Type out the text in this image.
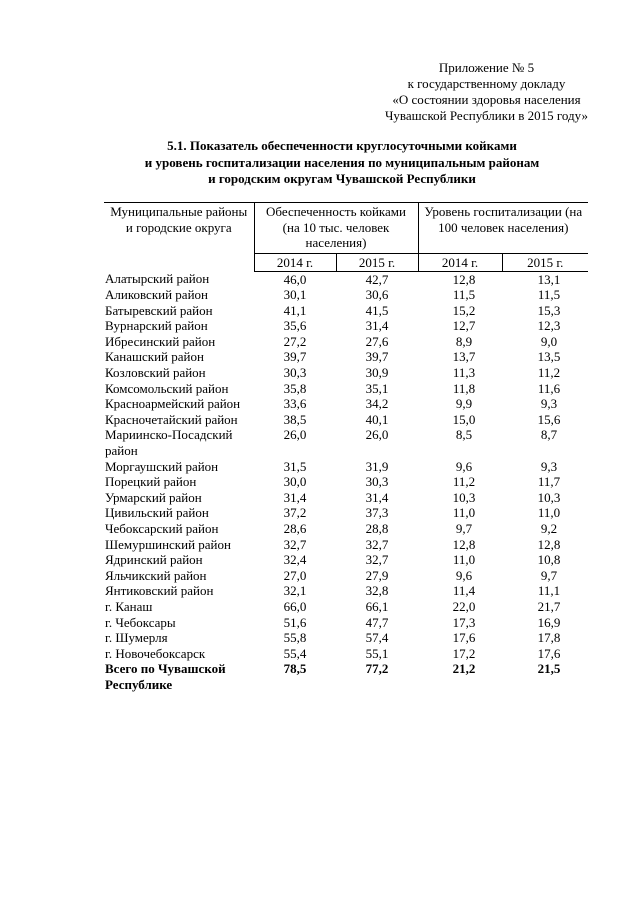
Приложение № 5
к государственному докладу
«О состоянии здоровья населения
Чувашской Республики в 2015 году»
5.1. Показатель обеспеченности круглосуточными койками
и уровень госпитализации населения по муниципальным районам
и городским округам Чувашской Республики
Муниципальные районы и городские округа	Обеспеченность койками (на 10 тыс. человек населения)		Уровень госпитализации (на 100 человек населения)	
	2014 г.	2015 г.	2014 г.	2015 г.
Алатырский район	46,0	42,7	12,8	13,1
Аликовский район	30,1	30,6	11,5	11,5
Батыревский район	41,1	41,5	15,2	15,3
Вурнарский район	35,6	31,4	12,7	12,3
Ибресинский район	27,2	27,6	8,9	9,0
Канашский район	39,7	39,7	13,7	13,5
Козловский район	30,3	30,9	11,3	11,2
Комсомольский район	35,8	35,1	11,8	11,6
Красноармейский район	33,6	34,2	9,9	9,3
Красночетайский район	38,5	40,1	15,0	15,6
Мариинско-Посадский район	26,0	26,0	8,5	8,7
Моргаушский район	31,5	31,9	9,6	9,3
Порецкий район	30,0	30,3	11,2	11,7
Урмарский район	31,4	31,4	10,3	10,3
Цивильский район	37,2	37,3	11,0	11,0
Чебоксарский район	28,6	28,8	9,7	9,2
Шемуршинский район	32,7	32,7	12,8	12,8
Ядринский район	32,4	32,7	11,0	10,8
Яльчикский район	27,0	27,9	9,6	9,7
Янтиковский район	32,1	32,8	11,4	11,1
г. Канаш	66,0	66,1	22,0	21,7
г. Чебоксары	51,6	47,7	17,3	16,9
г. Шумерля	55,8	57,4	17,6	17,8
г. Новочебоксарск	55,4	55,1	17,2	17,6
Всего по Чувашской Республике	78,5	77,2	21,2	21,5
